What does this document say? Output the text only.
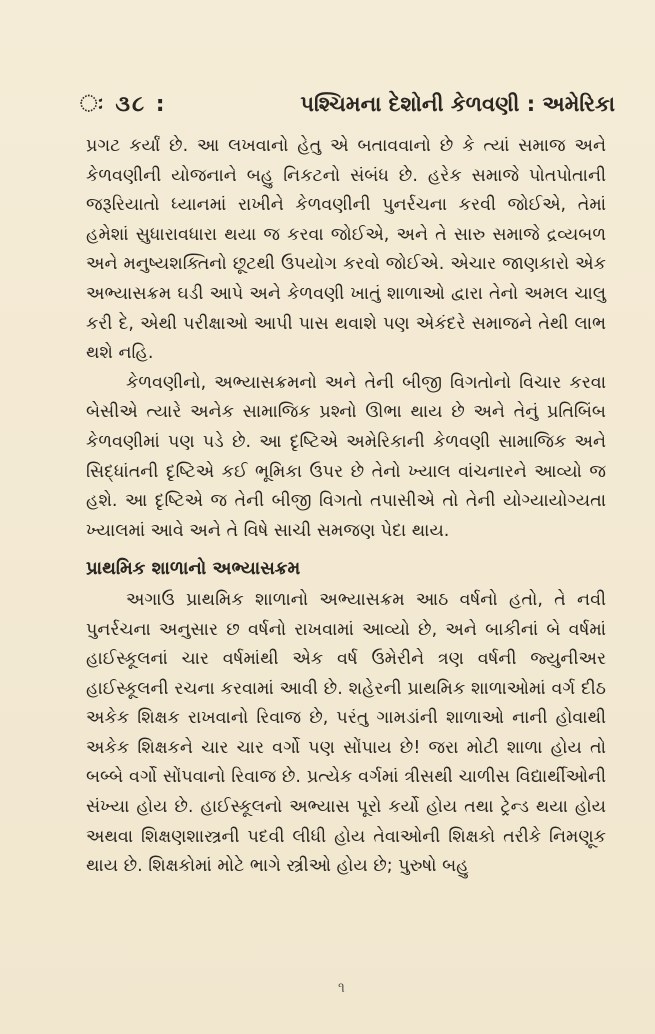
ઃ ૩૮ :	પશ્ચિમના દેશોની કેળવણી : અમેરિકા

પ્રગટ કર્યાં છે. આ લખવાનો હેતુ એ બતાવવાનો છે કે ત્યાં સમાજ અને કેળવણીની યોજનાને બહુ નિકટનો સંબંધ છે. હરેક સમાજે પોતપોતાની જરૂરિયાતો ધ્યાનમાં રાખીને કેળવણીની પુનર્રચના કરવી જોઈએ, તેમાં હમેશાં સુધારાવધારા થયા જ કરવા જોઈએ, અને તે સારુ સમાજે દ્રવ્યબળ અને મનુષ્યશક્તિનો છૂટથી ઉપયોગ કરવો જોઈએ. એચાર જાણકારો એક અભ્યાસક્રમ ઘડી આપે અને કેળવણી ખાતું શાળાઓ દ્વારા તેનો અમલ ચાલુ કરી દે, એથી પરીક્ષાઓ આપી પાસ થવાશે પણ એકંદરે સમાજને તેથી લાભ થશે નહિ.

કેળવણીનો, અભ્યાસક્રમનો અને તેની બીજી વિગતોનો વિચાર કરવા બેસીએ ત્યારે અનેક સામાજિક પ્રશ્નો ઊભા થાય છે અને તેનું પ્રતિબિંબ કેળવણીમાં પણ પડે છે. આ દૃષ્ટિએ અમેરિકાની કેળવણી સામાજિક અને સિદ્ધાંતની દૃષ્ટિએ કઈ ભૂમિકા ઉપર છે તેનો ખ્યાલ વાંચનારને આવ્યો જ હશે. આ દૃષ્ટિએ જ તેની બીજી વિગતો તપાસીએ તો તેની યોગ્યાયોગ્યતા ખ્યાલમાં આવે અને તે વિષે સાચી સમજણ પેદા થાય.

પ્રાથમિક શાળાનો અભ્યાસક્રમ

અગાઉ પ્રાથમિક શાળાનો અભ્યાસક્રમ આઠ વર્ષનો હતો, તે નવી પુનર્રચના અનુસાર છ વર્ષનો રાખવામાં આવ્યો છે, અને બાકીનાં બે વર્ષમાં હાઈસ્કૂલનાં ચાર વર્ષમાંથી એક વર્ષ ઉમેરીને ત્રણ વર્ષની જ્યુનીઅર હાઈસ્કૂલની રચના કરવામાં આવી છે. શહેરની પ્રાથમિક શાળાઓમાં વર્ગ દીઠ અકેક શિક્ષક રાખવાનો રિવાજ છે, પરંતુ ગામડાંની શાળાઓ નાની હોવાથી અકેક શિક્ષકને ચાર ચાર વર્ગો પણ સોંપાય છે! જરા મોટી શાળા હોય તો બબ્બે વર્ગો સોંપવાનો રિવાજ છે. પ્રત્યેક વર્ગમાં ત્રીસથી ચાળીસ વિદ્યાર્થીઓની સંખ્યા હોય છે. હાઈસ્કૂલનો અભ્યાસ પૂરો કર્યો હોય તથા ટ્રેન્ડ થયા હોય અથવા શિક્ષણશાસ્ત્રની પદવી લીધી હોય તેવાઓની શિક્ષકો તરીકે નિમણૂક થાય છે. શિક્ષકોમાં મોટે ભાગે સ્ત્રીઓ હોય છે; પુરુષો બહુ

૧
